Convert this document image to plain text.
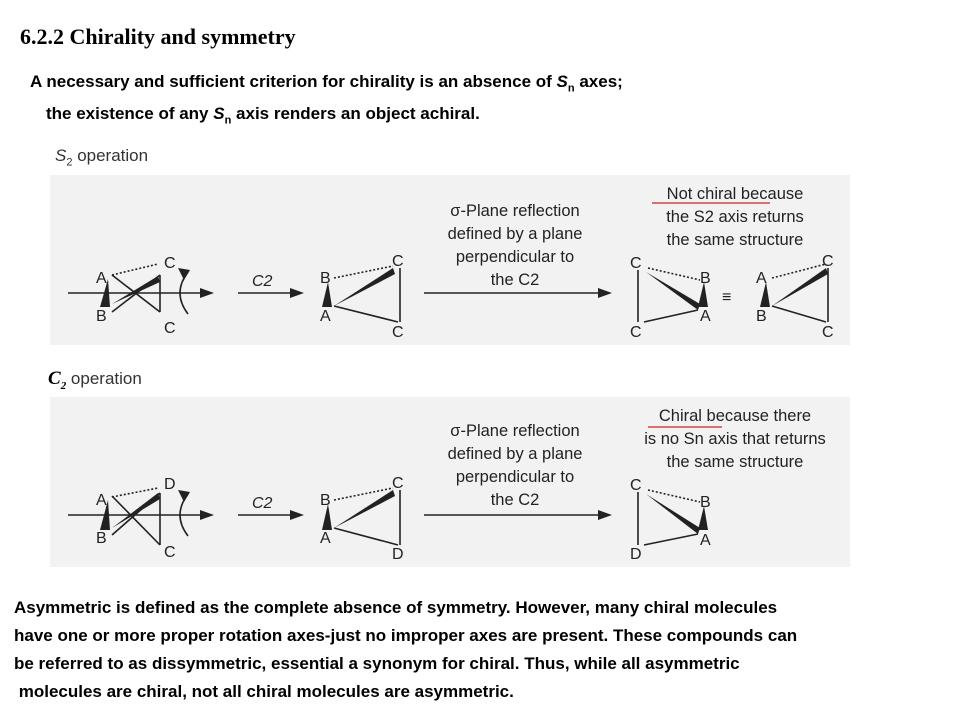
6.2.2 Chirality and symmetry
A necessary and sufficient criterion for chirality is an absence of $S_n$ axes;
the existence of any $S_n$ axis renders an object achiral.
$S_2$ operation
$C_2$ operation
C
A
B
C
C2	B
A
C
C
C
B
C
A
≡
C
A
B
C
D
A
B
C
C2	B
A
C
D
C
B
D
A
σ-Plane reflection
defined by a plane
perpendicular to
the C2
Not chiral because
the S2 axis returns
the same structure
σ-Plane reflection
defined by a plane
perpendicular to
the C2
Chiral because there
is no Sn axis that returns
the same structure

Asymmetric is defined as the complete absence of symmetry. However, many chiral molecules

have one or more proper rotation axes-just no improper axes are present. These compounds can

be referred to as dissymmetric, essential a synonym for chiral. Thus, while all asymmetric

molecules are chiral, not all chiral molecules are asymmetric.
